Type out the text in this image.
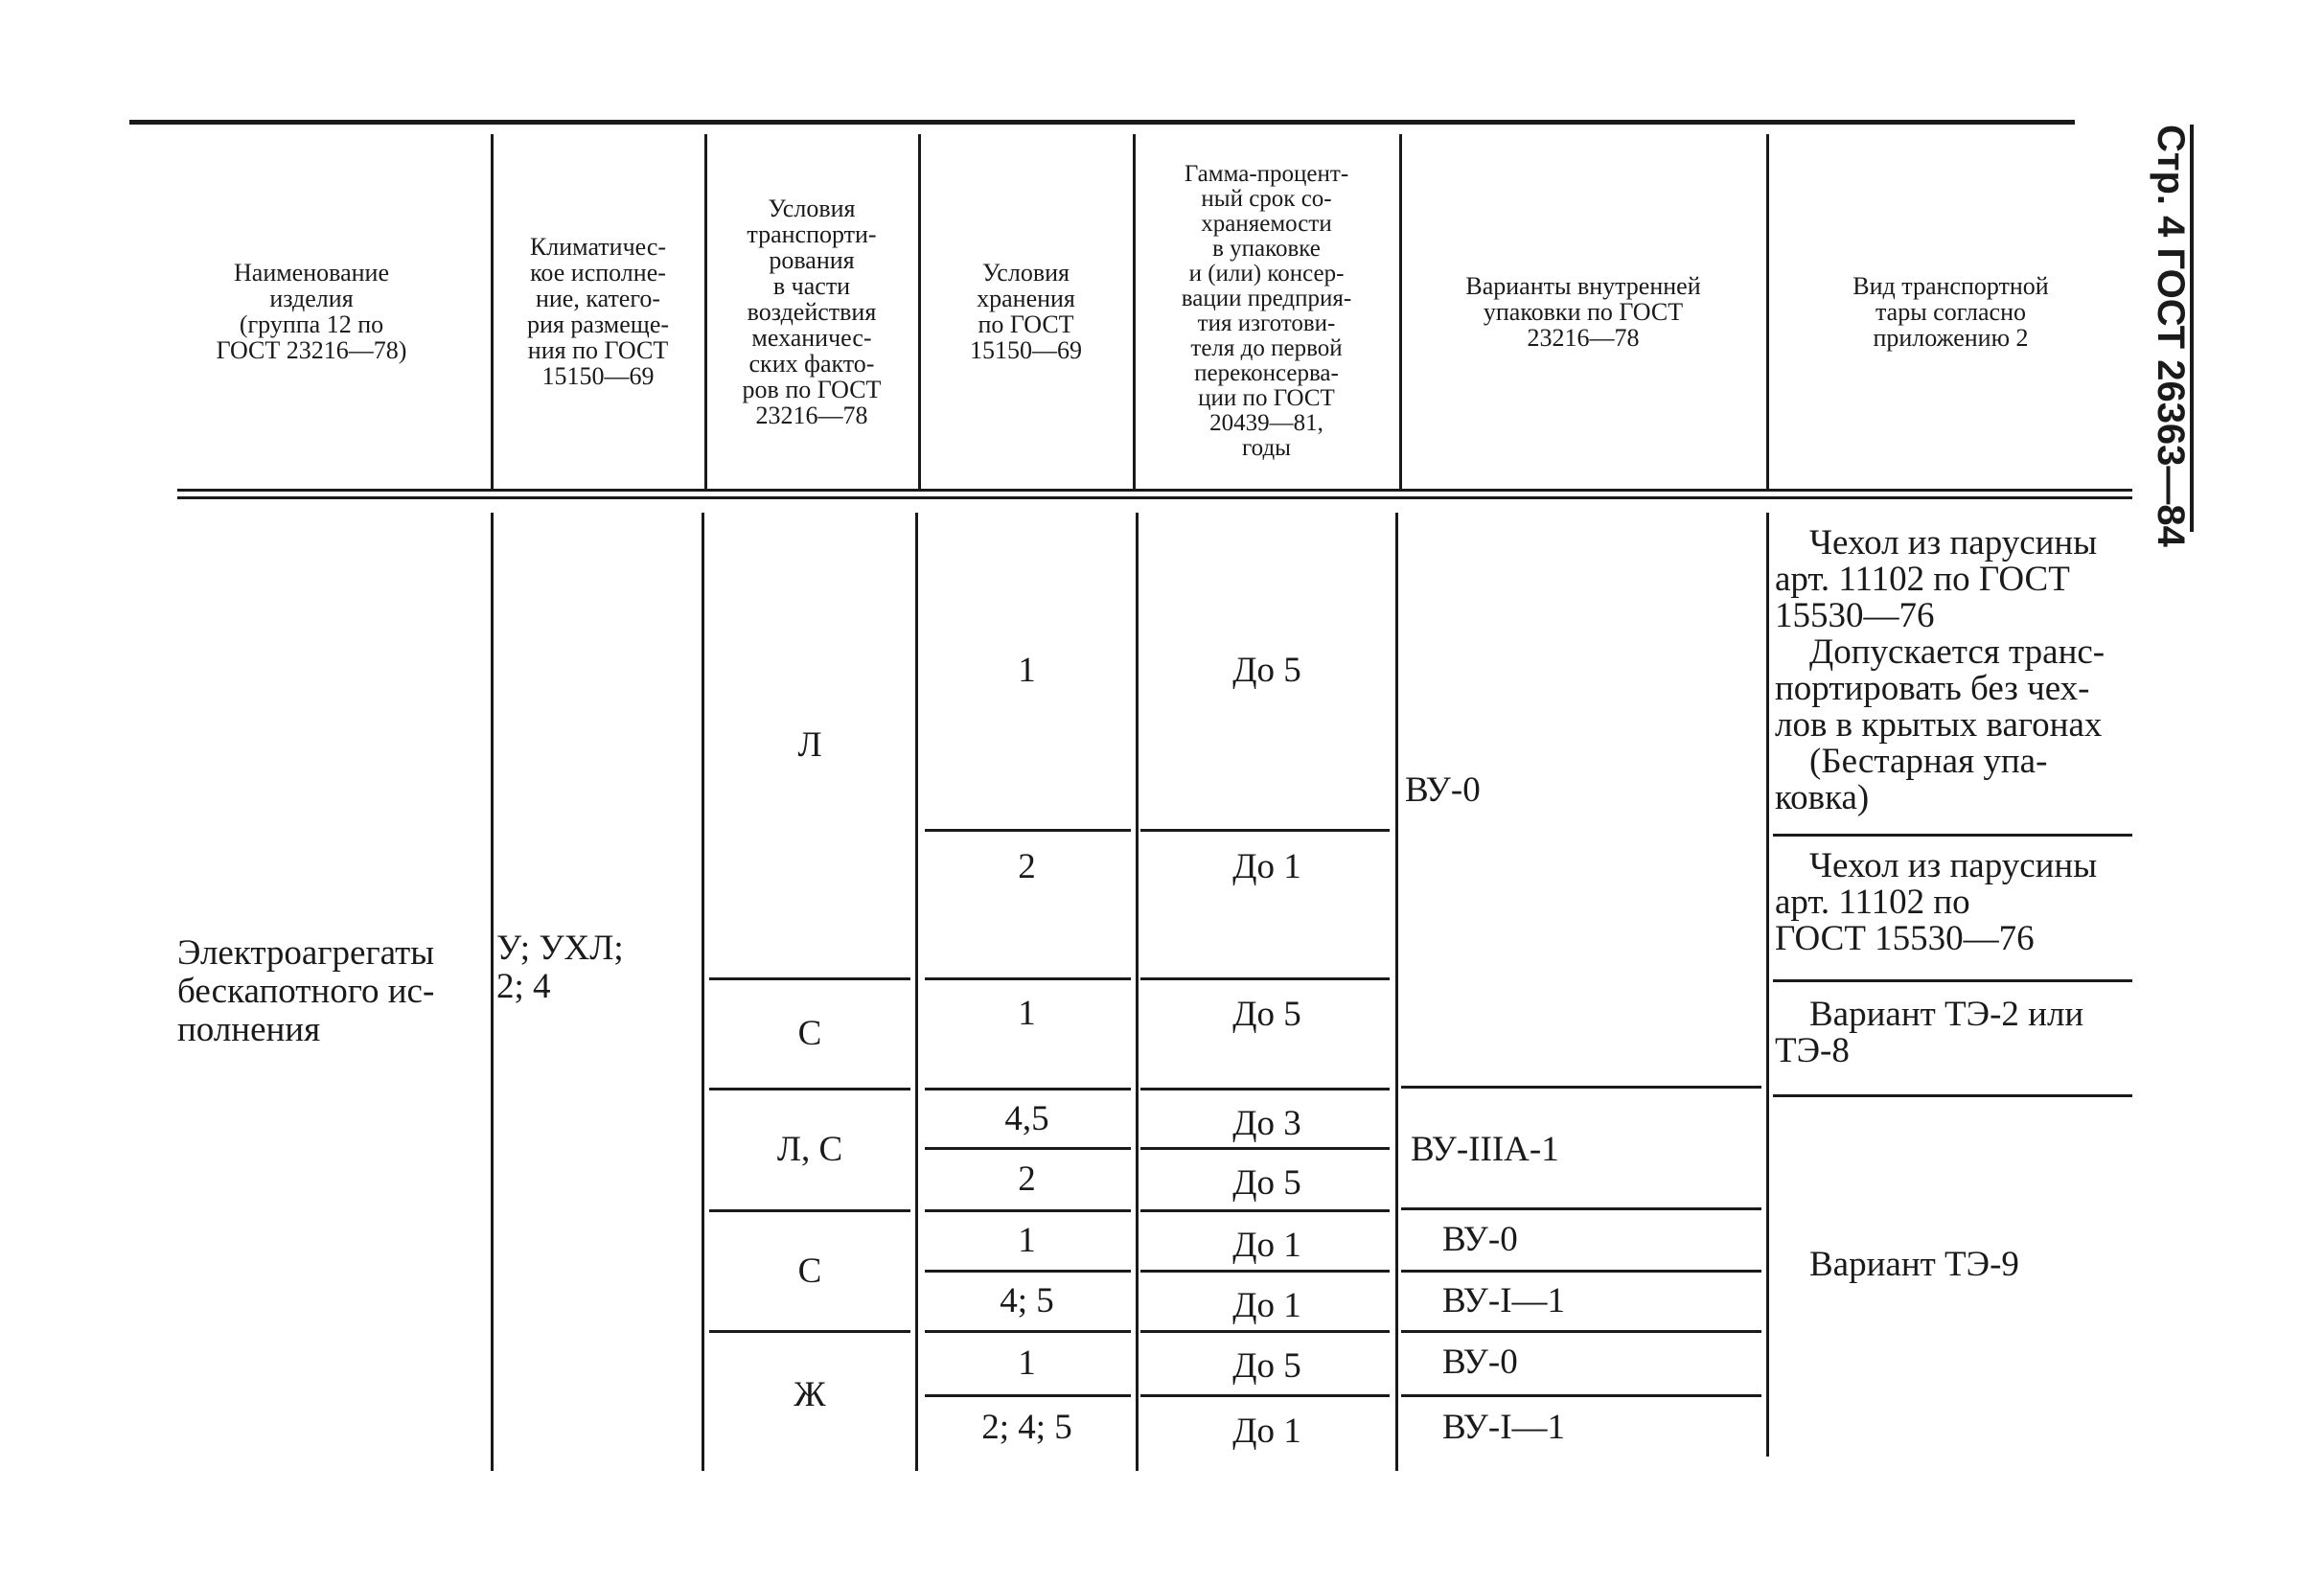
Стр. 4 ГОСТ 26363—84
Наименование
изделия
(группа 12 по
ГОСТ 23216—78)
Климатичес-
кое исполне-
ние, катего-
рия размеще-
ния по ГОСТ
15150—69
Условия
транспорти-
рования
в части
воздействия
механичес-
ских факто-
ров по ГОСТ
23216—78
Условия
хранения
по ГОСТ
15150—69
Гамма-процент-
ный срок со-
храняемости
в упаковке
и (или) консер-
вации предприя-
тия изготови-
теля до первой
переконсерва-
ции по ГОСТ
20439—81,
годы
Варианты внутренней
упаковки по ГОСТ
23216—78
Вид транспортной
тары согласно
приложению 2
Электроагрегаты
бескапотного ис-
полнения
У; УХЛ;
2; 4
Л
С
Л, С
С
Ж
1
2
1
4,5
2
1
4; 5
1
2; 4; 5
До 5
До 1
До 5
До 3
До 5
До 1
До 1
До 5
До 1
ВУ-0
ВУ-IIIА-1
ВУ-0
ВУ-I—1
ВУ-0
ВУ-I—1
Чехол из парусины
арт. 11102 по ГОСТ
15530—76
Допускается транс-
портировать без чех-
лов в крытых вагонах
(Бестарная упа-
ковка)
Чехол из парусины
арт. 11102 по
ГОСТ 15530—76
Вариант ТЭ-2 или
ТЭ-8
Вариант ТЭ-9
